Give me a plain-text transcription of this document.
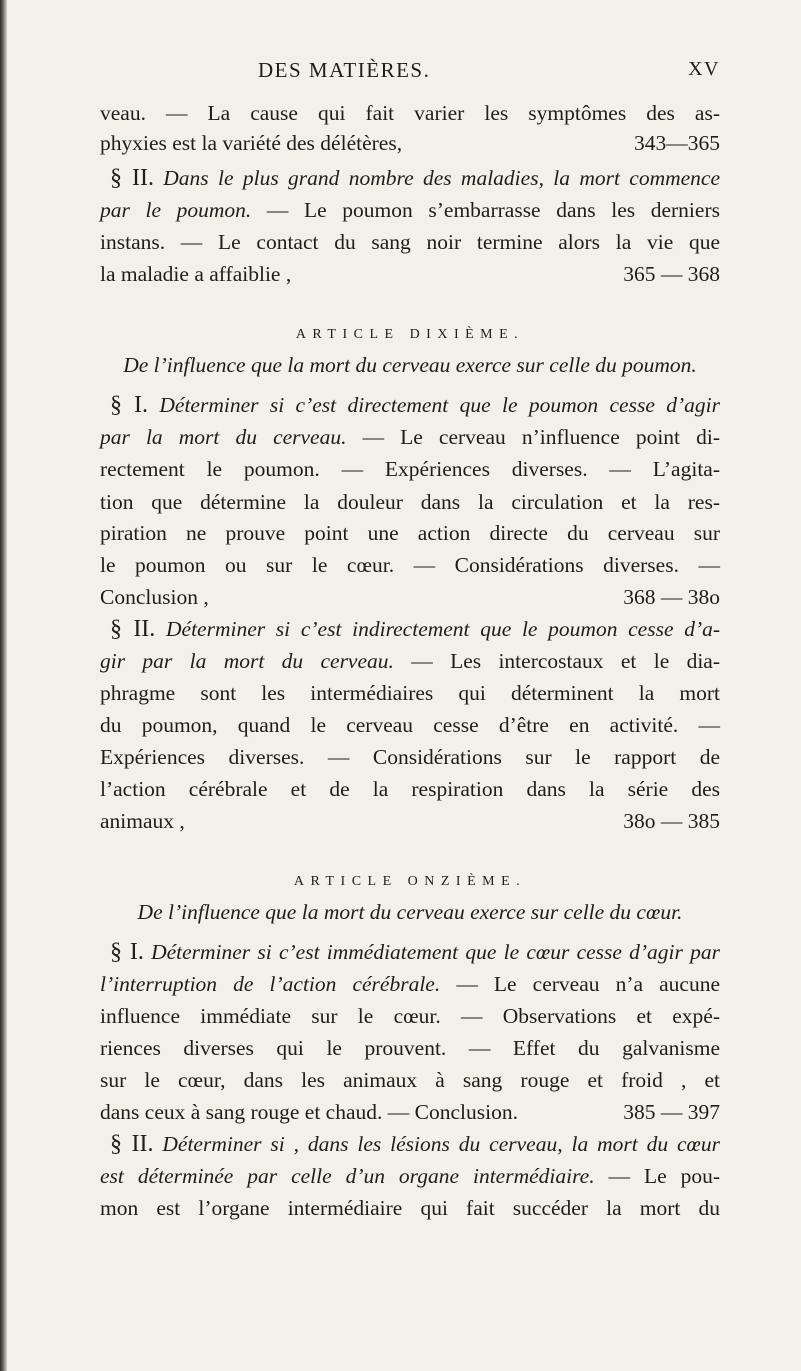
DES MATIÈRES.	XV
veau. — La cause qui fait varier les symptômes des as-
343—365
phyxies est la variété des délétères,
§ II. Dans le plus grand nombre des maladies, la mort commence
par le poumon. — Le poumon s’embarrasse dans les derniers
instans. — Le contact du sang noir termine alors la vie que
365 — 368
la maladie a affaiblie ,
ARTICLE DIXIÈME.
De l’influence que la mort du cerveau exerce sur celle du poumon.
§ I. Déterminer si c’est directement que le poumon cesse d’agir
par la mort du cerveau. — Le cerveau n’influence point di-
rectement le poumon. — Expériences diverses. — L’agita-
tion que détermine la douleur dans la circulation et la res-
piration ne prouve point une action directe du cerveau sur
le poumon ou sur le cœur. — Considérations diverses. —
368 — 38o
Conclusion ,
§ II. Déterminer si c’est indirectement que le poumon cesse d’a-
gir par la mort du cerveau. — Les intercostaux et le dia-
phragme sont les intermédiaires qui déterminent la mort
du poumon, quand le cerveau cesse d’être en activité. —
Expériences diverses. — Considérations sur le rapport de
l’action cérébrale et de la respiration dans la série des
38o — 385
animaux ,
ARTICLE ONZIÈME.
De l’influence que la mort du cerveau exerce sur celle du cœur.
§ I. Déterminer si c’est immédiatement que le cœur cesse d’agir par
l’interruption de l’action cérébrale. — Le cerveau n’a aucune
influence immédiate sur le cœur. — Observations et expé-
riences diverses qui le prouvent. — Effet du galvanisme
sur le cœur, dans les animaux à sang rouge et froid , et
385 — 397
dans ceux à sang rouge et chaud. — Conclusion.
§ II. Déterminer si , dans les lésions du cerveau, la mort du cœur
est déterminée par celle d’un organe intermédiaire. — Le pou-
mon est l’organe intermédiaire qui fait succéder la mort du
